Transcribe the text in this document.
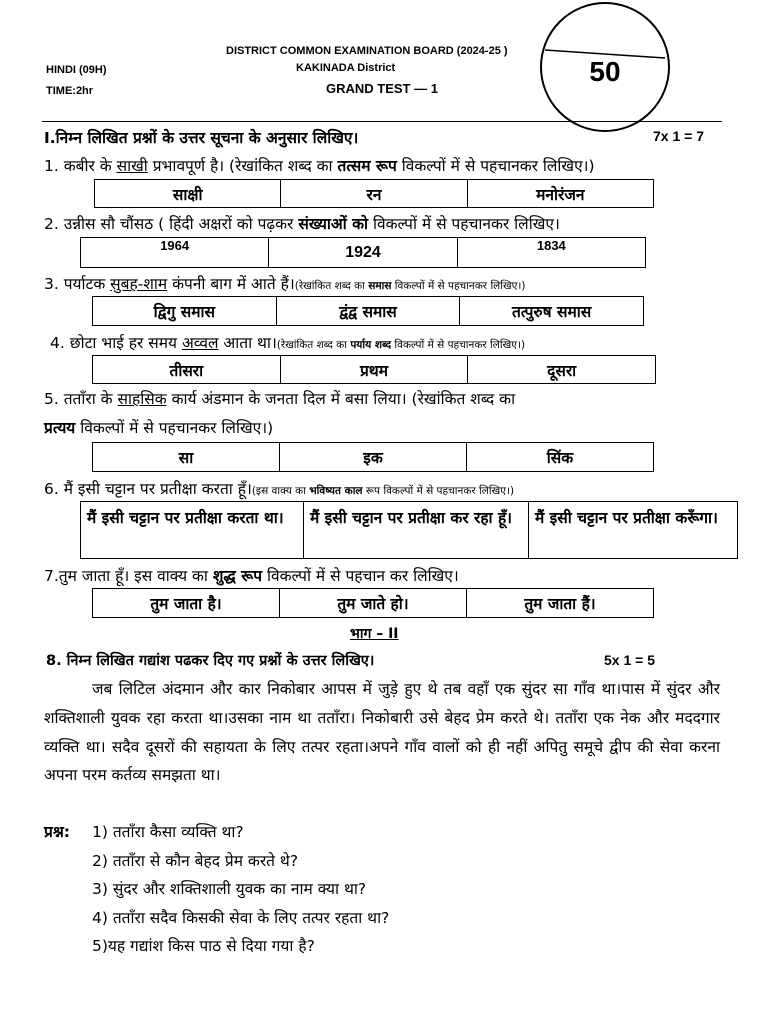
DISTRICT COMMON EXAMINATION BOARD (2024-25 )
KAKINADA District
HINDI (09H)
TIME:2hr	GRAND TEST — 1
50
I.निम्न लिखित प्रश्नों के उत्तर सूचना के अनुसार लिखिए।	7x 1 = 7
1. कबीर के साखी प्रभावपूर्ण है। (रेखांकित शब्द का तत्सम रूप विकल्पों में से पहचानकर लिखिए।)
साक्षी	रन	मनोरंजन
2. उन्नीस सौ चौंसठ ( हिंदी अक्षरों को पढ़कर संख्याओं को विकल्पों में से पहचानकर लिखिए।
1964	1924	1834
3. पर्याटक सुबह-शाम कंपनी बाग में आते हैं।(रेखांकित शब्द का समास विकल्पों में से पहचानकर लिखिए।)
द्विगु समास	द्वंद्व समास	तत्पुरुष समास
4. छोटा भाई हर समय अव्वल आता था।(रेखांकित शब्द का पर्याय शब्द विकल्पों में से पहचानकर लिखिए।)
तीसरा	प्रथम	दूसरा
5. तताँरा के साहसिक कार्य अंडमान के जनता दिल में बसा लिया। (रेखांकित शब्द का
प्रत्यय विकल्पों में से पहचानकर लिखिए।)
सा	इक	सिंक
6. मैं इसी चट्टान पर प्रतीक्षा करता हूँ।(इस वाक्य का भविष्यत काल रूप विकल्पों में से पहचानकर लिखिए।)
मैं इसी चट्टान पर प्रतीक्षा करता था।	मैं इसी चट्टान पर प्रतीक्षा कर रहा हूँ।	मैं इसी चट्टान पर प्रतीक्षा करूँगा।
7.तुम जाता हूँ। इस वाक्य का शुद्ध रूप विकल्पों में से पहचान कर लिखिए।
तुम जाता है।	तुम जाते हो।	तुम जाता हैं।
भाग – II
8. निम्न लिखित गद्यांश पढकर दिए गए प्रश्नों के उत्तर लिखिए।	5x 1 = 5
जब लिटिल अंदमान और कार निकोबार आपस में जुड़े हुए थे तब वहाँ एक सुंदर सा गाँव था।पास में सुंदर और शक्तिशाली युवक रहा करता था।उसका नाम था तताँरा। निकोबारी उसे बेहद प्रेम करते थे। तताँरा एक नेक और मददगार व्यक्ति था। सदैव दूसरों की सहायता के लिए तत्पर रहता।अपने गाँव वालों को ही नहीं अपितु समूचे द्वीप की सेवा करना अपना परम कर्तव्य समझता था।
प्रश्न: 1) तताँरा कैसा व्यक्ति था?
2) तताँरा से कौन बेहद प्रेम करते थे?
3) सुंदर और शक्तिशाली युवक का नाम क्या था?
4) तताँरा सदैव किसकी सेवा के लिए तत्पर रहता था?
5)यह गद्यांश किस पाठ से दिया गया है?
